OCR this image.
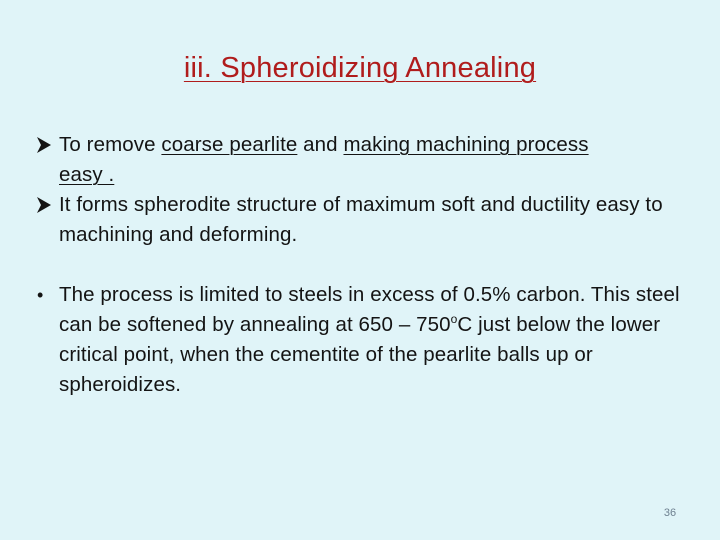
iii. Spheroidizing Annealing
To remove coarse pearlite and making machining process
easy .
It forms spherodite structure of maximum soft and ductility easy to machining and deforming.
• The process is limited to steels in excess of 0.5% carbon. This steel can be softened by annealing at 650 – 750$^o$C just below the lower critical point, when the cementite of the pearlite balls up or spheroidizes.
36
